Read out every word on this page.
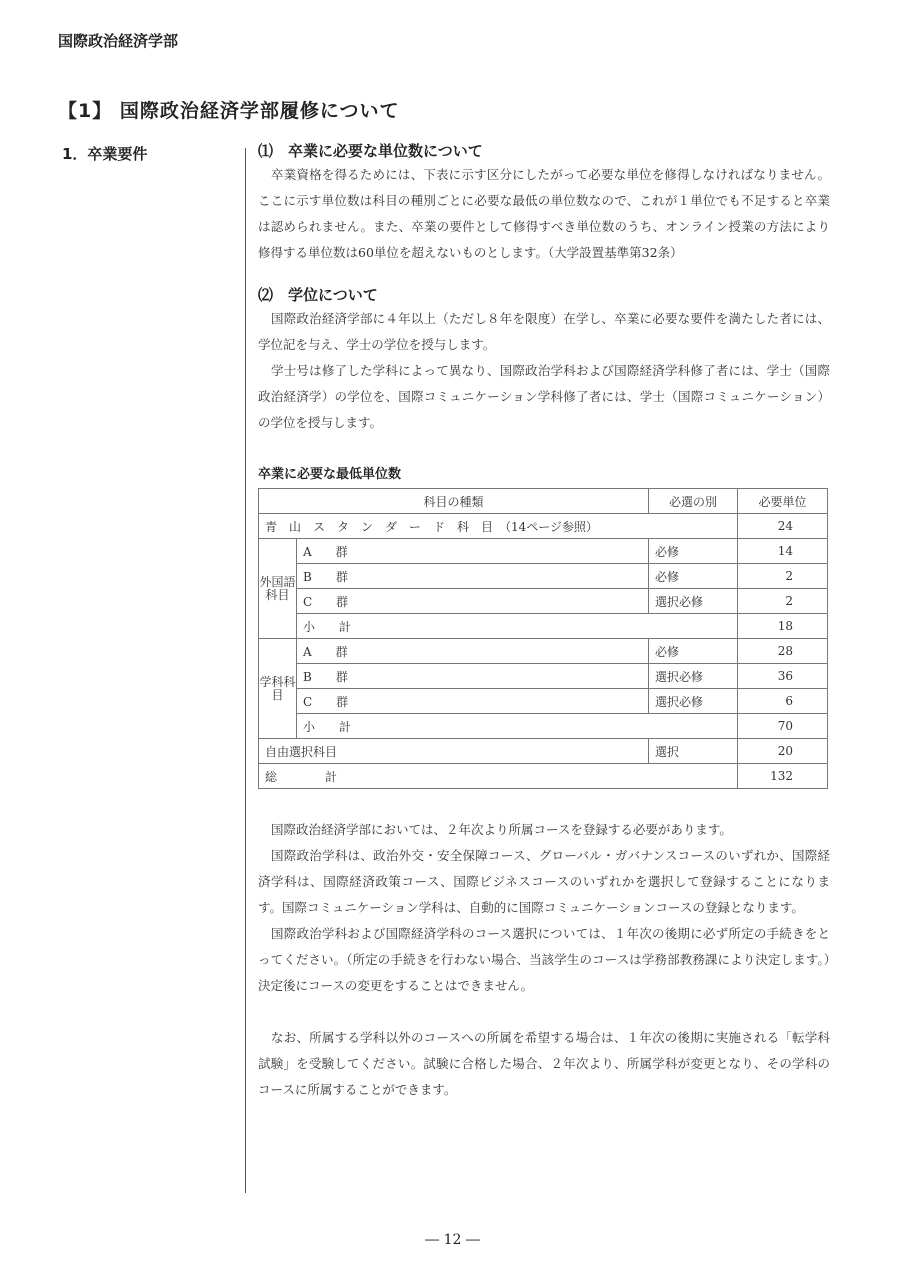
国際政治経済学部
【1】 国際政治経済学部履修について
1．卒業要件	⑴　卒業に必要な単位数について

卒業資格を得るためには、下表に示す区分にしたがって必要な単位を修得しなければなりません。ここに示す単位数は科目の種別ごとに必要な最低の単位数なので、これが１単位でも不足すると卒業は認められません。また、卒業の要件として修得すべき単位数のうち、オンライン授業の方法により修得する単位数は60単位を超えないものとします。（大学設置基準第32条）

⑵　学位について

国際政治経済学部に４年以上（ただし８年を限度）在学し、卒業に必要な要件を満たした者には、学位記を与え、学士の学位を授与します。

学士号は修了した学科によって異なり、国際政治学科および国際経済学科修了者には、学士（国際政治経済学）の学位を、国際コミュニケーション学科修了者には、学士（国際コミュニケーション）の学位を授与します。

卒業に必要な最低単位数
科目の種類		必選の別	必要単位
青　山　ス　タ　ン　ダ　ー　ド　科　目　（14ページ参照）			24
外国語科目	A　　群	必修	14
	B　　群	必修	2
	C　　群	選択必修	2
	小　　計		18
学科科目	A　　群	必修	28
	B　　群	選択必修	36
	C　　群	選択必修	6
	小　　計		70
自由選択科目		選択	20
総　　　　計			132

国際政治経済学部においては、２年次より所属コースを登録する必要があります。

国際政治学科は、政治外交・安全保障コース、グローバル・ガバナンスコースのいずれか、国際経済学科は、国際経済政策コース、国際ビジネスコースのいずれかを選択して登録することになります。国際コミュニケーション学科は、自動的に国際コミュニケーションコースの登録となります。

国際政治学科および国際経済学科のコース選択については、１年次の後期に必ず所定の手続きをとってください。（所定の手続きを行わない場合、当該学生のコースは学務部教務課により決定します。）決定後にコースの変更をすることはできません。

なお、所属する学科以外のコースへの所属を希望する場合は、１年次の後期に実施される「転学科試験」を受験してください。試験に合格した場合、２年次より、所属学科が変更となり、その学科のコースに所属することができます。

― 12 ―
